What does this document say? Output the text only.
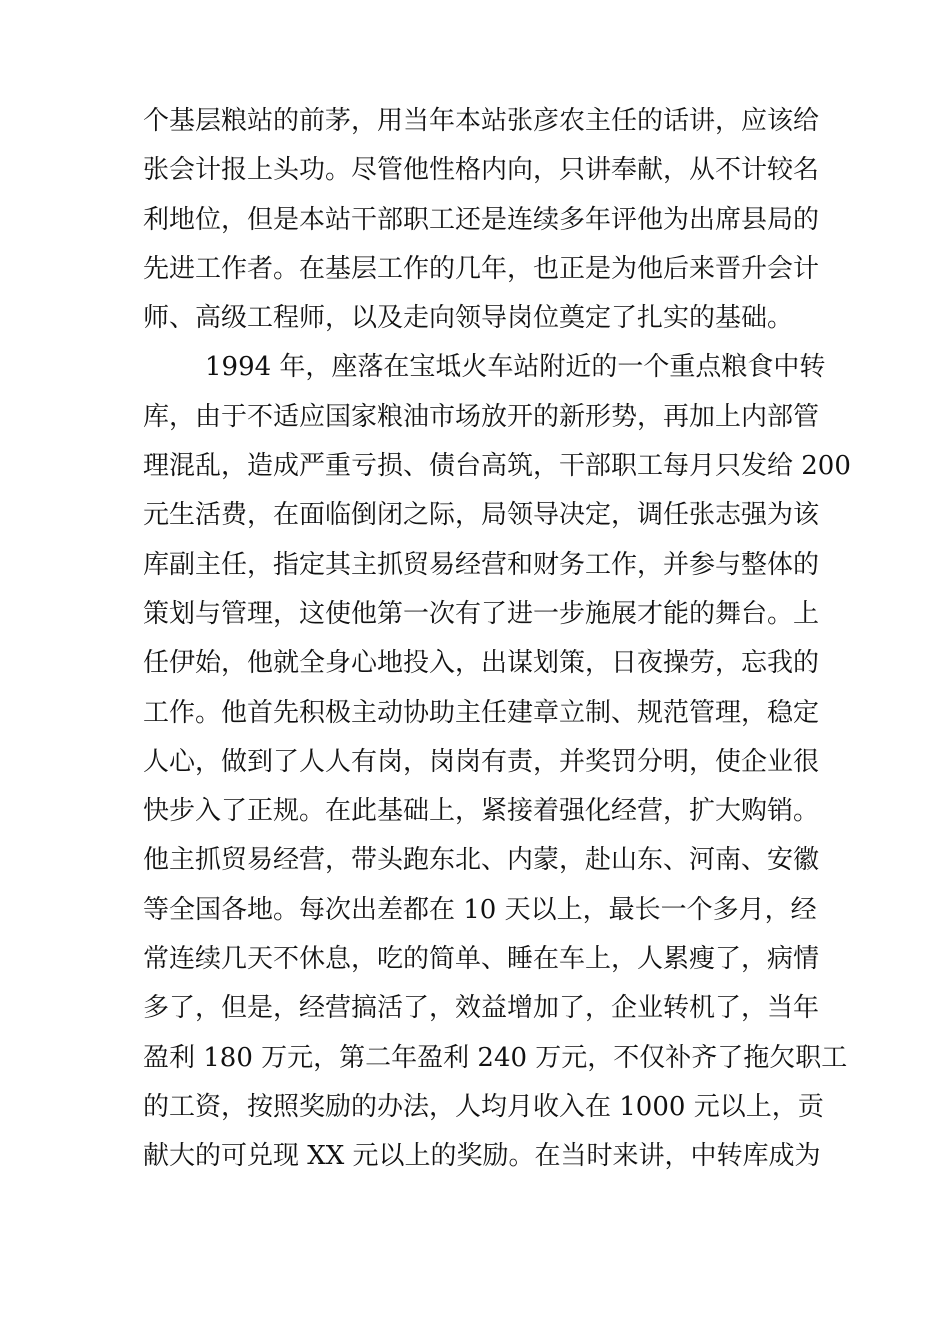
个基层粮站的前茅，用当年本站张彦农主任的话讲，应该给
张会计报上头功。尽管他性格内向，只讲奉献，从不计较名
利地位，但是本站干部职工还是连续多年评他为出席县局的
先进工作者。在基层工作的几年，也正是为他后来晋升会计
师、高级工程师，以及走向领导岗位奠定了扎实的基础。
1994 年，座落在宝坻火车站附近的一个重点粮食中转
库，由于不适应国家粮油市场放开的新形势，再加上内部管
理混乱，造成严重亏损、债台高筑，干部职工每月只发给 200
元生活费，在面临倒闭之际，局领导决定，调任张志强为该
库副主任，指定其主抓贸易经营和财务工作，并参与整体的
策划与管理，这使他第一次有了进一步施展才能的舞台。上
任伊始，他就全身心地投入，出谋划策，日夜操劳，忘我的
工作。他首先积极主动协助主任建章立制、规范管理，稳定
人心，做到了人人有岗，岗岗有责，并奖罚分明，使企业很
快步入了正规。在此基础上，紧接着强化经营，扩大购销。
他主抓贸易经营，带头跑东北、内蒙，赴山东、河南、安徽
等全国各地。每次出差都在 10 天以上，最长一个多月，经
常连续几天不休息，吃的简单、睡在车上，人累瘦了，病情
多了，但是，经营搞活了，效益增加了，企业转机了，当年
盈利 180 万元，第二年盈利 240 万元，不仅补齐了拖欠职工
的工资，按照奖励的办法，人均月收入在 1000 元以上，贡
献大的可兑现 XX 元以上的奖励。在当时来讲，中转库成为
